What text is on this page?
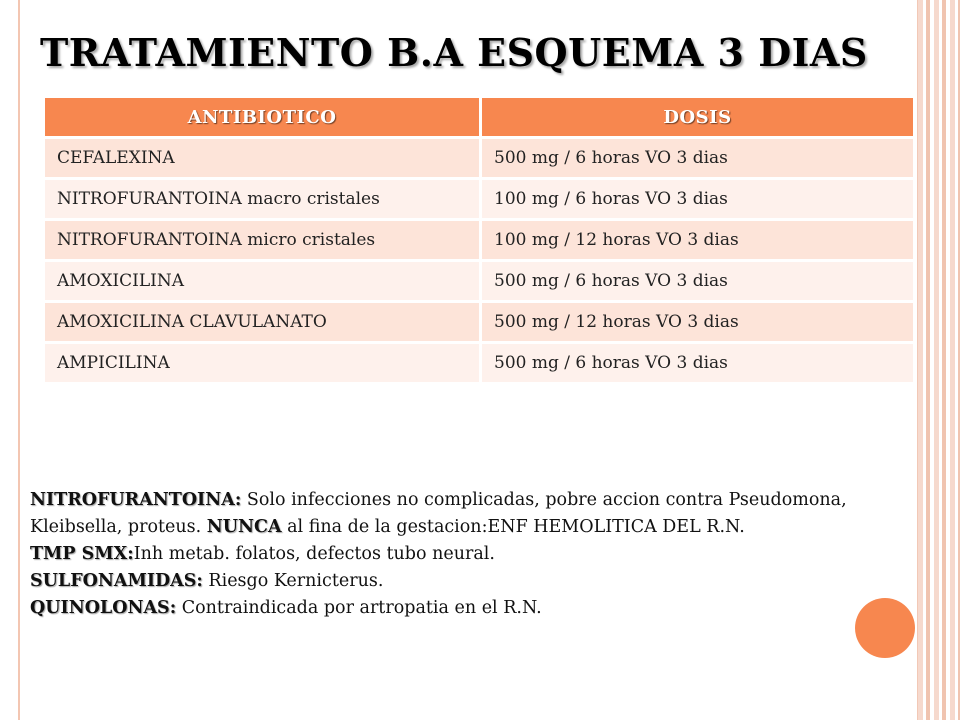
TRATAMIENTO B.A ESQUEMA 3 DIAS
ANTIBIOTICO	DOSIS
CEFALEXINA	500 mg / 6 horas VO 3 dias
NITROFURANTOINA macro cristales	100 mg / 6 horas VO 3 dias
NITROFURANTOINA micro cristales	100 mg / 12 horas VO 3 dias
AMOXICILINA	500 mg / 6 horas VO 3 dias
AMOXICILINA CLAVULANATO	500 mg / 12 horas VO 3 dias
AMPICILINA	500 mg / 6 horas VO 3 dias
NITROFURANTOINA: Solo infecciones no complicadas, pobre accion contra Pseudomona, Kleibsella, proteus. NUNCA al fina de la gestacion:ENF HEMOLITICA DEL R.N.
TMP SMX:Inh metab. folatos, defectos tubo neural.
SULFONAMIDAS: Riesgo Kernicterus.
QUINOLONAS: Contraindicada por artropatia en el R.N.
